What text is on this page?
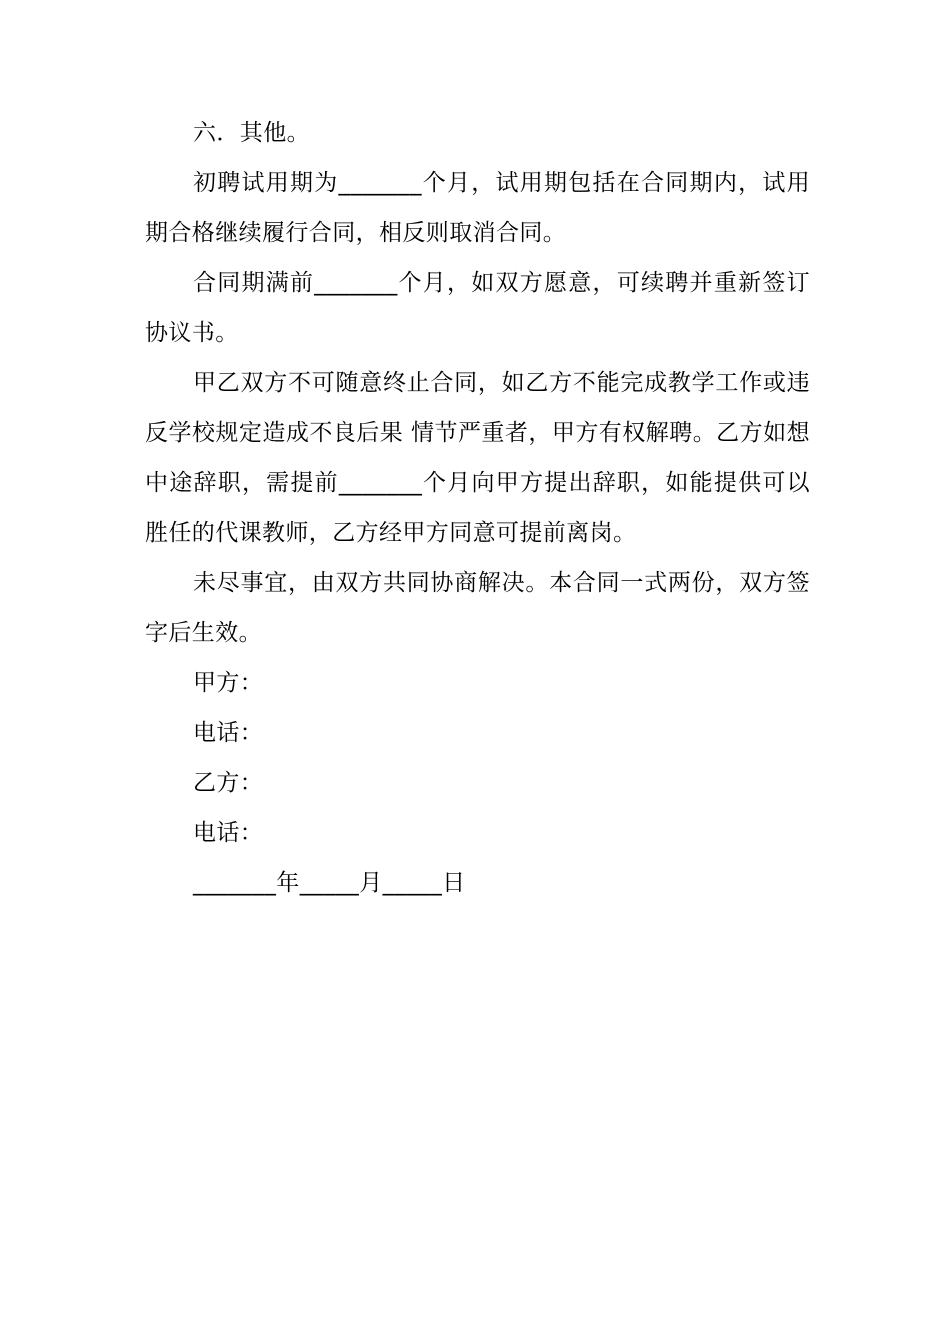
六．其他。

初聘试用期为_______个月，试用期包括在合同期内，试用期合格继续履行合同，相反则取消合同。

合同期满前_______个月，如双方愿意，可续聘并重新签订协议书。

甲乙双方不可随意终止合同，如乙方不能完成教学工作或违反学校规定造成不良后果 情节严重者，甲方有权解聘。乙方如想中途辞职，需提前_______个月向甲方提出辞职，如能提供可以胜任的代课教师，乙方经甲方同意可提前离岗。

未尽事宜，由双方共同协商解决。本合同一式两份，双方签字后生效。

甲方：

电话：

乙方：

电话：

_______年_____月_____日
